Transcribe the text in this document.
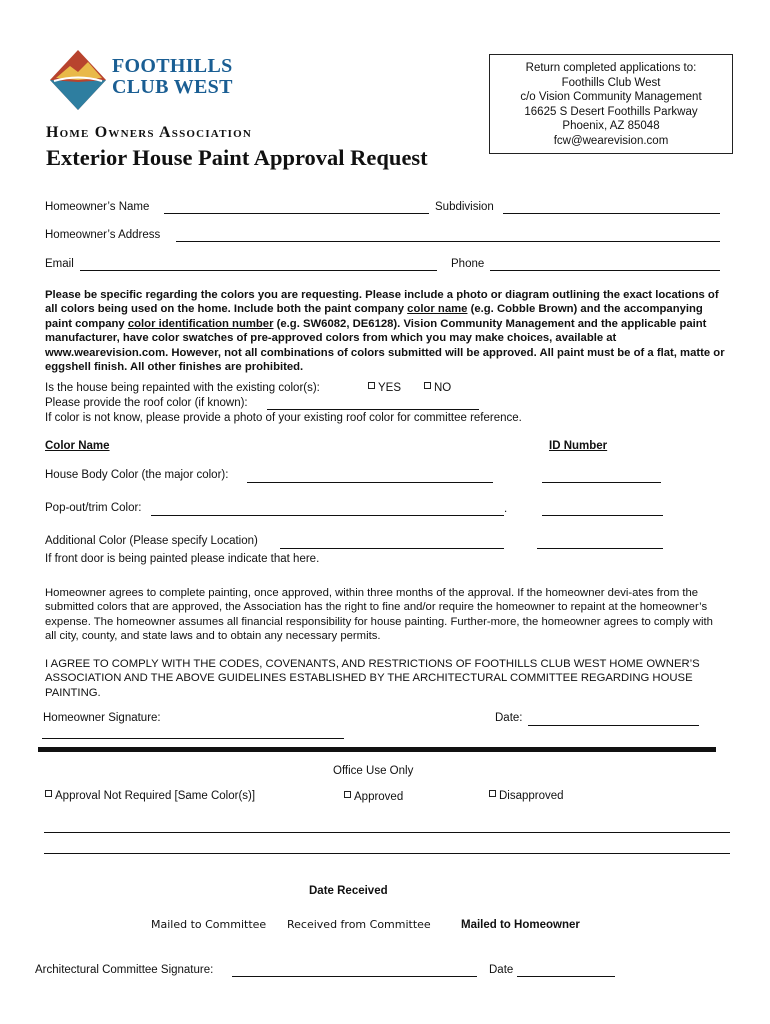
FOOTHILLS
CLUB WEST
Return completed applications to:
Foothills Club West
c/o Vision Community Management
16625 S Desert Foothills Parkway
Phoenix, AZ 85048
fcw@wearevision.com
Home Owners Association
Exterior House Paint Approval Request
Homeowner’s Name	Subdivision
Homeowner’s Address
Email	Phone
Please be specific regarding the colors you are requesting. Please include a photo or diagram outlining the exact locations of all colors being used on the home. Include both the paint company color name (e.g. Cobble Brown) and the accompanying paint company color identification number (e.g. SW6082, DE6128). Vision Community Management and the applicable paint manufacturer, have color swatches of pre-approved colors from which you may make choices, available at www.wearevision.com. However, not all combinations of colors submitted will be approved. All paint must be of a flat, matte or eggshell finish. All other finishes are prohibited.
Is the house being repainted with the existing color(s):	YES	NO
Please provide the roof color (if known):
If color is not know, please provide a photo of your existing roof color for committee reference.
Color Name	ID Number
House Body Color (the major color):
Pop-out/trim Color:	.
Additional Color (Please specify Location)
If front door is being painted please indicate that here.
Homeowner agrees to complete painting, once approved, within three months of the approval. If the homeowner devi-ates from the submitted colors that are approved, the Association has the right to fine and/or require the homeowner to repaint at the homeowner’s expense. The homeowner assumes all financial responsibility for house painting. Further-more, the homeowner agrees to comply with all city, county, and state laws and to obtain any necessary permits.
I AGREE TO COMPLY WITH THE CODES, COVENANTS, AND RESTRICTIONS OF FOOTHILLS CLUB WEST HOME OWNER’S ASSOCIATION AND THE ABOVE GUIDELINES ESTABLISHED BY THE ARCHITECTURAL COMMITTEE REGARDING HOUSE PAINTING.
Homeowner Signature:	Date:
Office Use Only
Approval Not Required [Same Color(s)]	Approved	Disapproved
Date Received
Mailed to Committee Received from Committee	Mailed to Homeowner
Architectural Committee Signature:	Date
